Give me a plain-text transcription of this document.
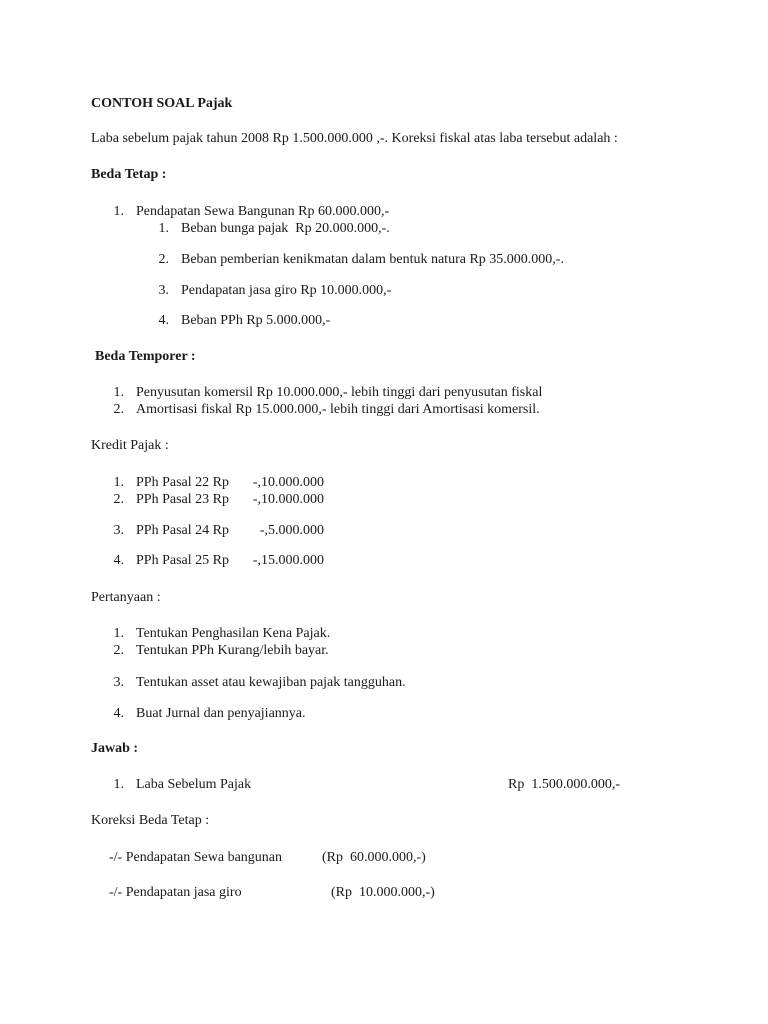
CONTOH SOAL Pajak
Laba sebelum pajak tahun 2008 Rp 1.500.000.000 ,-. Koreksi fiskal atas laba tersebut adalah :
Beda Tetap :
1. Pendapatan Sewa Bangunan Rp 60.000.000,-
1. Beban bunga pajak  Rp 20.000.000,-.
2. Beban pemberian kenikmatan dalam bentuk natura Rp 35.000.000,-.
3. Pendapatan jasa giro Rp 10.000.000,-
4. Beban PPh Rp 5.000.000,-
Beda Temporer :
1. Penyusutan komersil Rp 10.000.000,- lebih tinggi dari penyusutan fiskal
2. Amortisasi fiskal Rp 15.000.000,- lebih tinggi dari Amortisasi komersil.
Kredit Pajak :
1. PPh Pasal 22 Rp 10.000.000,-
2. PPh Pasal 23 Rp 10.000.000,-
3. PPh Pasal 24 Rp 5.000.000,-
4. PPh Pasal 25 Rp 15.000.000,-
Pertanyaan :
1. Tentukan Penghasilan Kena Pajak.
2. Tentukan PPh Kurang/lebih bayar.
3. Tentukan asset atau kewajiban pajak tangguhan.
4. Buat Jurnal dan penyajiannya.
Jawab :
1. Laba Sebelum Pajak	Rp  1.500.000.000,-
Koreksi Beda Tetap :
-/- Pendapatan Sewa bangunan	(Rp  60.000.000,-)
-/- Pendapatan jasa giro	(Rp  10.000.000,-)
